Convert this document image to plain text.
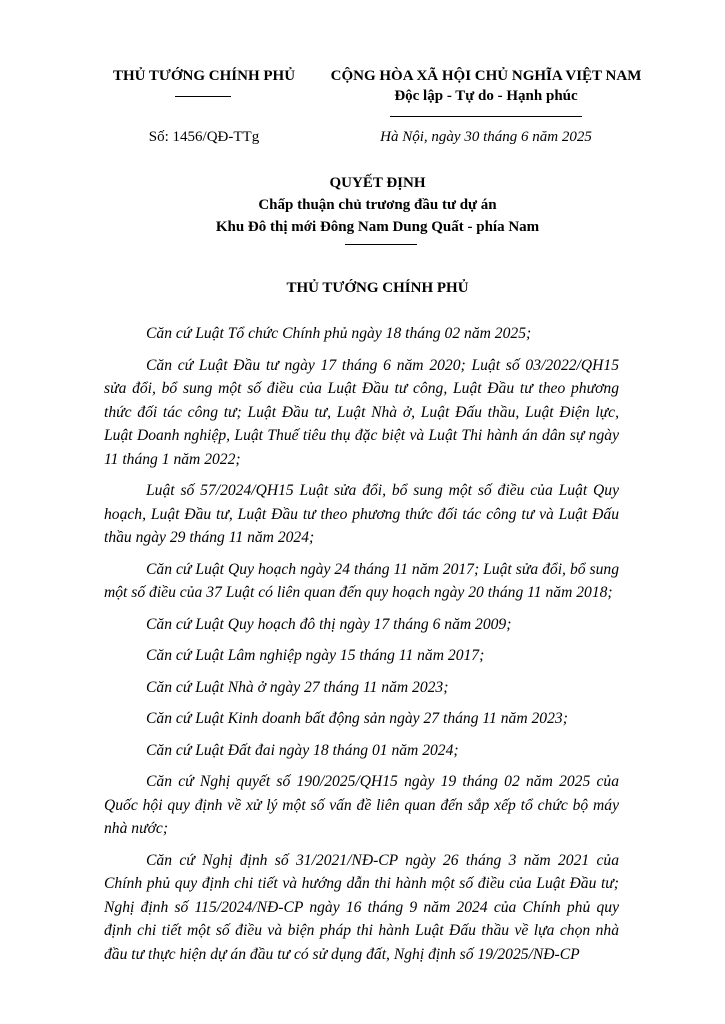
THỦ TƯỚNG CHÍNH PHỦ	CỘNG HÒA XÃ HỘI CHỦ NGHĨA VIỆT NAM
Độc lập - Tự do - Hạnh phúc
Số: 1456/QĐ-TTg	Hà Nội, ngày 30 tháng 6 năm 2025
QUYẾT ĐỊNH
Chấp thuận chủ trương đầu tư dự án
Khu Đô thị mới Đông Nam Dung Quất - phía Nam
THỦ TƯỚNG CHÍNH PHỦ

Căn cứ Luật Tổ chức Chính phủ ngày 18 tháng 02 năm 2025;

Căn cứ Luật Đầu tư ngày 17 tháng 6 năm 2020; Luật số 03/2022/QH15 sửa đổi, bổ sung một số điều của Luật Đầu tư công, Luật Đầu tư theo phương thức đối tác công tư; Luật Đầu tư, Luật Nhà ở, Luật Đấu thầu, Luật Điện lực, Luật Doanh nghiệp, Luật Thuế tiêu thụ đặc biệt và Luật Thi hành án dân sự ngày 11 tháng 1 năm 2022;

Luật số 57/2024/QH15 Luật sửa đổi, bổ sung một số điều của Luật Quy hoạch, Luật Đầu tư, Luật Đầu tư theo phương thức đối tác công tư và Luật Đấu thầu ngày 29 tháng 11 năm 2024;

Căn cứ Luật Quy hoạch ngày 24 tháng 11 năm 2017; Luật sửa đổi, bổ sung một số điều của 37 Luật có liên quan đến quy hoạch ngày 20 tháng 11 năm 2018;

Căn cứ Luật Quy hoạch đô thị ngày 17 tháng 6 năm 2009;

Căn cứ Luật Lâm nghiệp ngày 15 tháng 11 năm 2017;

Căn cứ Luật Nhà ở ngày 27 tháng 11 năm 2023;

Căn cứ Luật Kinh doanh bất động sản ngày 27 tháng 11 năm 2023;

Căn cứ Luật Đất đai ngày 18 tháng 01 năm 2024;

Căn cứ Nghị quyết số 190/2025/QH15 ngày 19 tháng 02 năm 2025 của Quốc hội quy định về xử lý một số vấn đề liên quan đến sắp xếp tổ chức bộ máy nhà nước;

Căn cứ Nghị định số 31/2021/NĐ-CP ngày 26 tháng 3 năm 2021 của Chính phủ quy định chi tiết và hướng dẫn thi hành một số điều của Luật Đầu tư; Nghị định số 115/2024/NĐ-CP ngày 16 tháng 9 năm 2024 của Chính phủ quy định chi tiết một số điều và biện pháp thi hành Luật Đấu thầu về lựa chọn nhà đầu tư thực hiện dự án đầu tư có sử dụng đất, Nghị định số 19/2025/NĐ-CP
